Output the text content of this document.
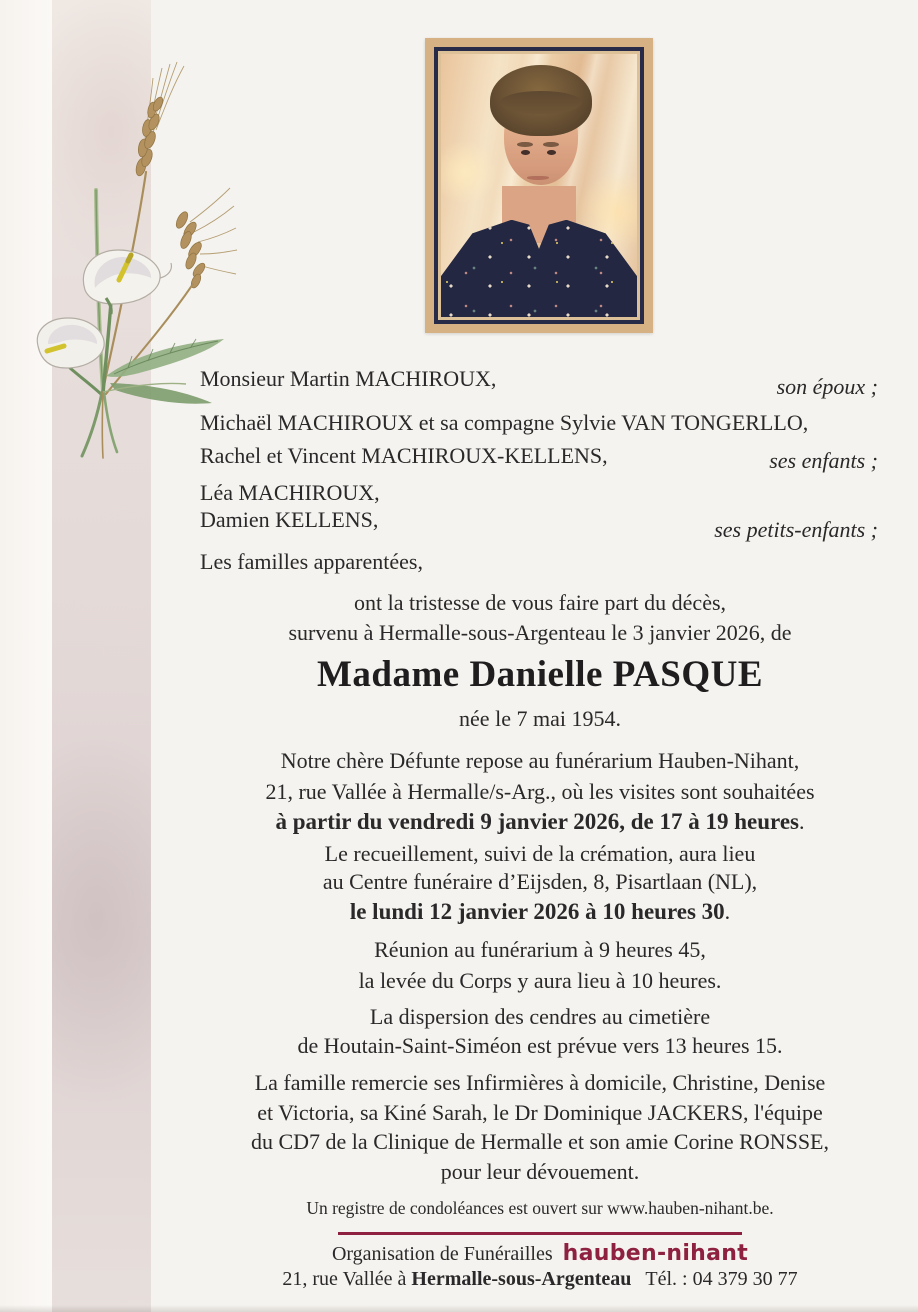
Monsieur Martin MACHIROUX,	son époux ;
Michaël MACHIROUX et sa compagne Sylvie VAN TONGERLLO,
Rachel et Vincent MACHIROUX-KELLENS,	ses enfants ;
Léa MACHIROUX,
Damien KELLENS,	ses petits-enfants ;
Les familles apparentées,
ont la tristesse de vous faire part du décès,
survenu à Hermalle-sous-Argenteau le 3 janvier 2026, de
Madame Danielle PASQUE
née le 7 mai 1954.
Notre chère Défunte repose au funérarium Hauben-Nihant,
21, rue Vallée à Hermalle/s-Arg., où les visites sont souhaitées
à partir du vendredi 9 janvier 2026, de 17 à 19 heures.
Le recueillement, suivi de la crémation, aura lieu
au Centre funéraire d’Eijsden, 8, Pisartlaan (NL),
le lundi 12 janvier 2026 à 10 heures 30.
Réunion au funérarium à 9 heures 45,
la levée du Corps y aura lieu à 10 heures.
La dispersion des cendres au cimetière
de Houtain-Saint-Siméon est prévue vers 13 heures 15.
La famille remercie ses Infirmières à domicile, Christine, Denise
et Victoria, sa Kiné Sarah, le Dr Dominique JACKERS, l'équipe
du CD7 de la Clinique de Hermalle et son amie Corine RONSSE,
pour leur dévouement.
Un registre de condoléances est ouvert sur www.hauben-nihant.be.
Organisation de Funérailles hauben-nihant
21, rue Vallée à Hermalle-sous-Argenteau Tél. : 04 379 30 77
